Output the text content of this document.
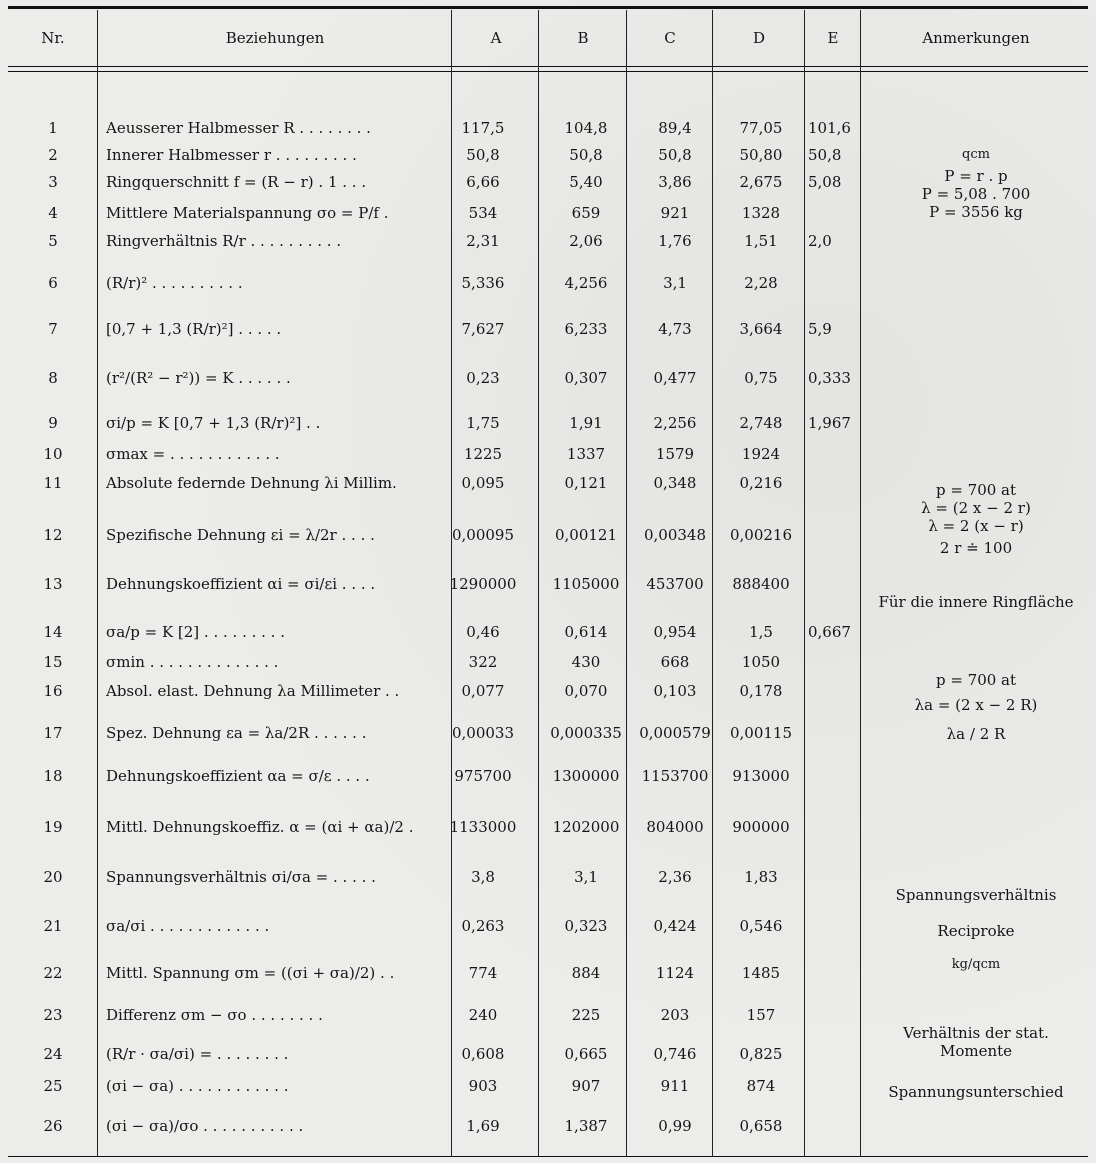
Nr.	Beziehungen	A	B	C	D	E	Anmerkungen
1	Aeusserer Halbmesser R . . . . . . . .	117,5	104,8	89,4	77,05	101,6
2	Innerer Halbmesser r . . . . . . . . .	50,8	50,8	50,8	50,80	50,8
3	Ringquerschnitt f = (R − r) . 1 . . .	6,66	5,40	3,86	2,675	5,08
4	Mittlere Materialspannung σo = P/f .	534	659	921	1328
5	Ringverhältnis R/r . . . . . . . . . .	2,31	2,06	1,76	1,51	2,0
6	(R/r)² . . . . . . . . . .	5,336	4,256	3,1	2,28
7	[0,7 + 1,3 (R/r)²] . . . . .	7,627	6,233	4,73	3,664	5,9
8	(r²/(R² − r²)) = K . . . . . .	0,23	0,307	0,477	0,75	0,333
9	σi/p = K [0,7 + 1,3 (R/r)²] . .	1,75	1,91	2,256	2,748	1,967
10	σmax = . . . . . . . . . . . .	1225	1337	1579	1924
11	Absolute federnde Dehnung λi Millim.	0,095	0,121	0,348	0,216
12	Spezifische Dehnung εi = λ/2r . . . .	0,00095	0,00121	0,00348	0,00216
13	Dehnungskoeffizient αi = σi/εi . . . .	1290000	1105000	453700	888400
14	σa/p = K [2] . . . . . . . . .	0,46	0,614	0,954	1,5	0,667
15	σmin . . . . . . . . . . . . . .	322	430	668	1050
16	Absol. elast. Dehnung λa Millimeter . .	0,077	0,070	0,103	0,178
17	Spez. Dehnung εa = λa/2R . . . . . .	0,00033	0,000335	0,000579	0,00115
18	Dehnungskoeffizient αa = σ/ε . . . .	975700	1300000	1153700	913000
19	Mittl. Dehnungskoeffiz. α = (αi + αa)/2 .	1133000	1202000	804000	900000
20	Spannungsverhältnis σi/σa = . . . . .	3,8	3,1	2,36	1,83
21	σa/σi . . . . . . . . . . . . .	0,263	0,323	0,424	0,546
22	Mittl. Spannung σm = ((σi + σa)/2) . .	774	884	1124	1485
23	Differenz σm − σo . . . . . . . .	240	225	203	157
24	(R/r · σa/σi) = . . . . . . . .	0,608	0,665	0,746	0,825
25	(σi − σa) . . . . . . . . . . . .	903	907	911	874
26	(σi − σa)/σo . . . . . . . . . . .	1,69	1,387	0,99	0,658
qcm
P = r . p
P = 5,08 . 700
P = 3556 kg
p = 700 at
λ = (2 x − 2 r)
λ = 2 (x − r)
2 r ≐ 100
Für die innere Ringfläche
p = 700 at
λa = (2 x − 2 R)
λa / 2 R
Spannungsverhältnis
Reciproke
kg/qcm
Verhältnis der stat.
Momente
Spannungsunterschied
